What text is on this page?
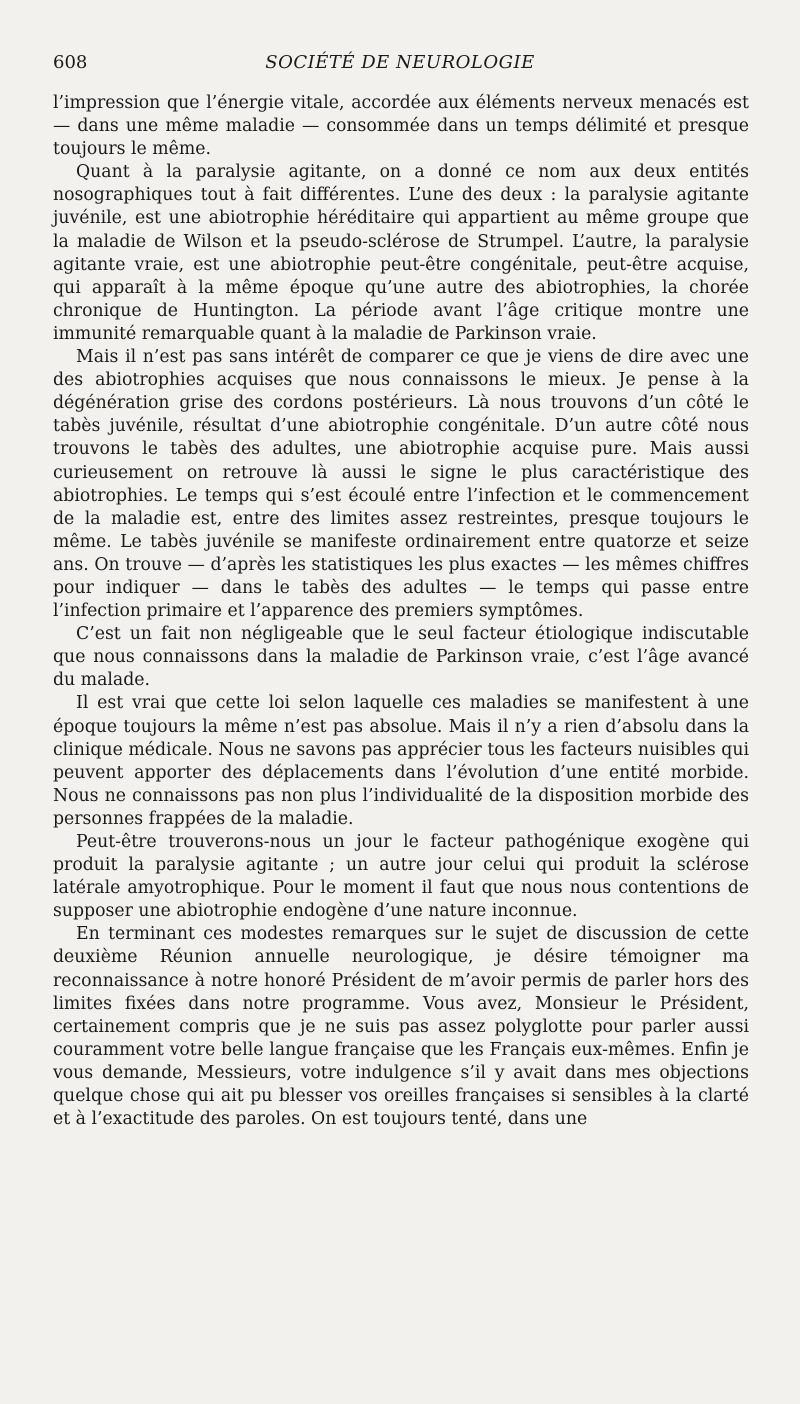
608	SOCIÉTÉ DE NEUROLOGIE

l’impression que l’énergie vitale, accordée aux éléments nerveux menacés est — dans une même maladie — consommée dans un temps délimité et presque toujours le même.

Quant à la paralysie agitante, on a donné ce nom aux deux entités nosographiques tout à fait différentes. L’une des deux : la paralysie agitante juvénile, est une abiotrophie héréditaire qui appartient au même groupe que la maladie de Wilson et la pseudo-sclérose de Strumpel. L’autre, la paralysie agitante vraie, est une abiotrophie peut-être congénitale, peut-être acquise, qui apparaît à la même époque qu’une autre des abiotrophies, la chorée chronique de Huntington. La période avant l’âge critique montre une immunité remarquable quant à la maladie de Parkinson vraie.

Mais il n’est pas sans intérêt de comparer ce que je viens de dire avec une des abiotrophies acquises que nous connaissons le mieux. Je pense à la dégénération grise des cordons postérieurs. Là nous trouvons d’un côté le tabès juvénile, résultat d’une abiotrophie congénitale. D’un autre côté nous trouvons le tabès des adultes, une abiotrophie acquise pure. Mais aussi curieusement on retrouve là aussi le signe le plus caractéristique des abiotrophies. Le temps qui s’est écoulé entre l’infection et le commencement de la maladie est, entre des limites assez restreintes, presque toujours le même. Le tabès juvénile se manifeste ordinairement entre quatorze et seize ans. On trouve — d’après les statistiques les plus exactes — les mêmes chiffres pour indiquer — dans le tabès des adultes — le temps qui passe entre l’infection primaire et l’apparence des premiers symptômes.

C’est un fait non négligeable que le seul facteur étiologique indiscutable que nous connaissons dans la maladie de Parkinson vraie, c’est l’âge avancé du malade.

Il est vrai que cette loi selon laquelle ces maladies se manifestent à une époque toujours la même n’est pas absolue. Mais il n’y a rien d’absolu dans la clinique médicale. Nous ne savons pas apprécier tous les facteurs nuisibles qui peuvent apporter des déplacements dans l’évolution d’une entité morbide. Nous ne connaissons pas non plus l’individualité de la disposition morbide des personnes frappées de la maladie.

Peut-être trouverons-nous un jour le facteur pathogénique exogène qui produit la paralysie agitante ; un autre jour celui qui produit la sclérose latérale amyotrophique. Pour le moment il faut que nous nous contentions de supposer une abiotrophie endogène d’une nature inconnue.

En terminant ces modestes remarques sur le sujet de discussion de cette deuxième Réunion annuelle neurologique, je désire témoigner ma reconnaissance à notre honoré Président de m’avoir permis de parler hors des limites fixées dans notre programme. Vous avez, Monsieur le Président, certainement compris que je ne suis pas assez polyglotte pour parler aussi couramment votre belle langue française que les Français eux-mêmes. Enfin je vous demande, Messieurs, votre indulgence s’il y avait dans mes objections quelque chose qui ait pu blesser vos oreilles françaises si sensibles à la clarté et à l’exactitude des paroles. On est toujours tenté, dans une
